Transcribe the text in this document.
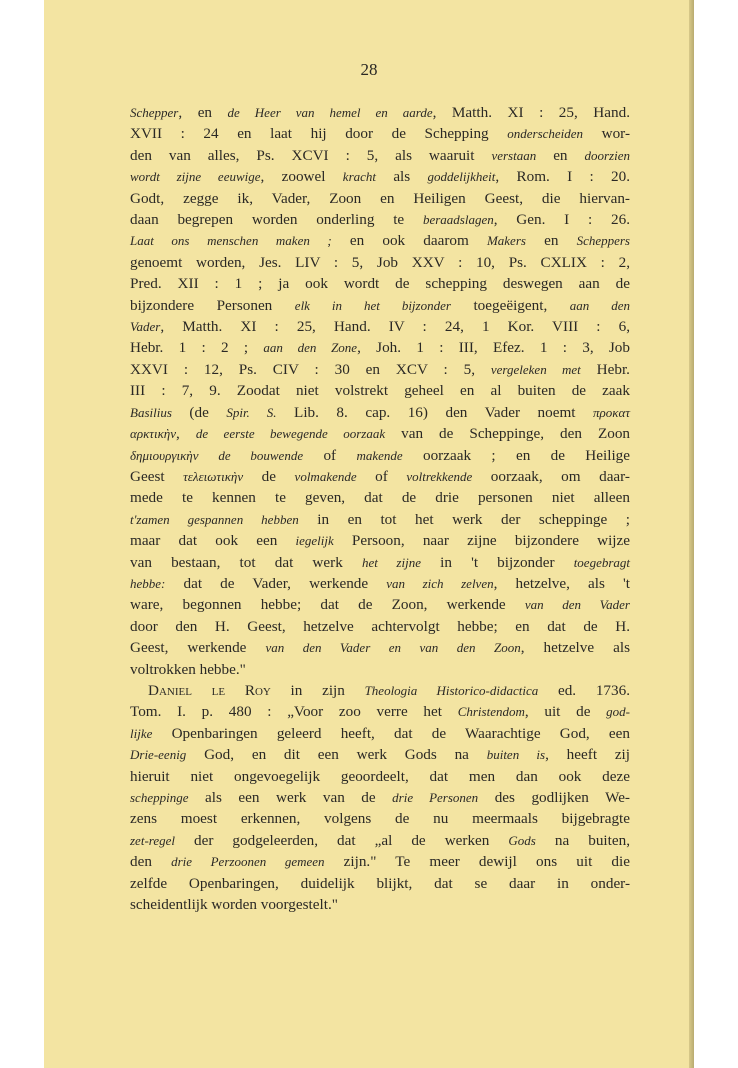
28

Schepper, en de Heer van hemel en aarde, Matth. XI : 25, Hand.

XVII : 24 en laat hij door de Schepping onderscheiden wor-

den van alles, Ps. XCVI : 5, als waaruit verstaan en doorzien

wordt zijne eeuwige, zoowel kracht als goddelijkheit, Rom. I : 20.

Godt, zegge ik, Vader, Zoon en Heiligen Geest, die hiervan-

daan begrepen worden onderling te beraadslagen, Gen. I : 26.

Laat ons menschen maken ; en ook daarom Makers en Scheppers

genoemt worden, Jes. LIV : 5, Job XXV : 10, Ps. CXLIX : 2,

Pred. XII : 1 ; ja ook wordt de schepping deswegen aan de

bijzondere Personen elk in het bijzonder toegeëigent, aan den

Vader, Matth. XI : 25, Hand. IV : 24, 1 Kor. VIII : 6,

Hebr. 1 : 2 ; aan den Zone, Joh. 1 : III, Efez. 1 : 3, Job

XXVI : 12, Ps. CIV : 30 en XCV : 5, vergeleken met Hebr.

III : 7, 9. Zoodat niet volstrekt geheel en al buiten de zaak

Basilius (de Spir. S. Lib. 8. cap. 16) den Vader noemt προκατ

αρκτικὴν, de eerste bewegende oorzaak van de Scheppinge, den Zoon

δημιουργικὴν de bouwende of makende oorzaak ; en de Heilige

Geest τελειωτικὴν de volmakende of voltrekkende oorzaak, om daar-

mede te kennen te geven, dat de drie personen niet alleen

t'zamen gespannen hebben in en tot het werk der scheppinge ;

maar dat ook een iegelijk Persoon, naar zijne bijzondere wijze

van bestaan, tot dat werk het zijne in 't bijzonder toegebragt

hebbe: dat de Vader, werkende van zich zelven, hetzelve, als 't

ware, begonnen hebbe; dat de Zoon, werkende van den Vader

door den H. Geest, hetzelve achtervolgt hebbe; en dat de H.

Geest, werkende van den Vader en van den Zoon, hetzelve als

voltrokken hebbe."

Daniel le Roy in zijn Theologia Historico-didactica ed. 1736.

Tom. I. p. 480 : „Voor zoo verre het Christendom, uit de god-

lijke Openbaringen geleerd heeft, dat de Waarachtige God, een

Drie-eenig God, en dit een werk Gods na buiten is, heeft zij

hieruit niet ongevoegelijk geoordeelt, dat men dan ook deze

scheppinge als een werk van de drie Personen des godlijken We-

zens moest erkennen, volgens de nu meermaals bijgebragte

zet-regel der godgeleerden, dat „al de werken Gods na buiten,

den drie Perzoonen gemeen zijn." Te meer dewijl ons uit die

zelfde Openbaringen, duidelijk blijkt, dat se daar in onder-

scheidentlijk worden voorgestelt."
